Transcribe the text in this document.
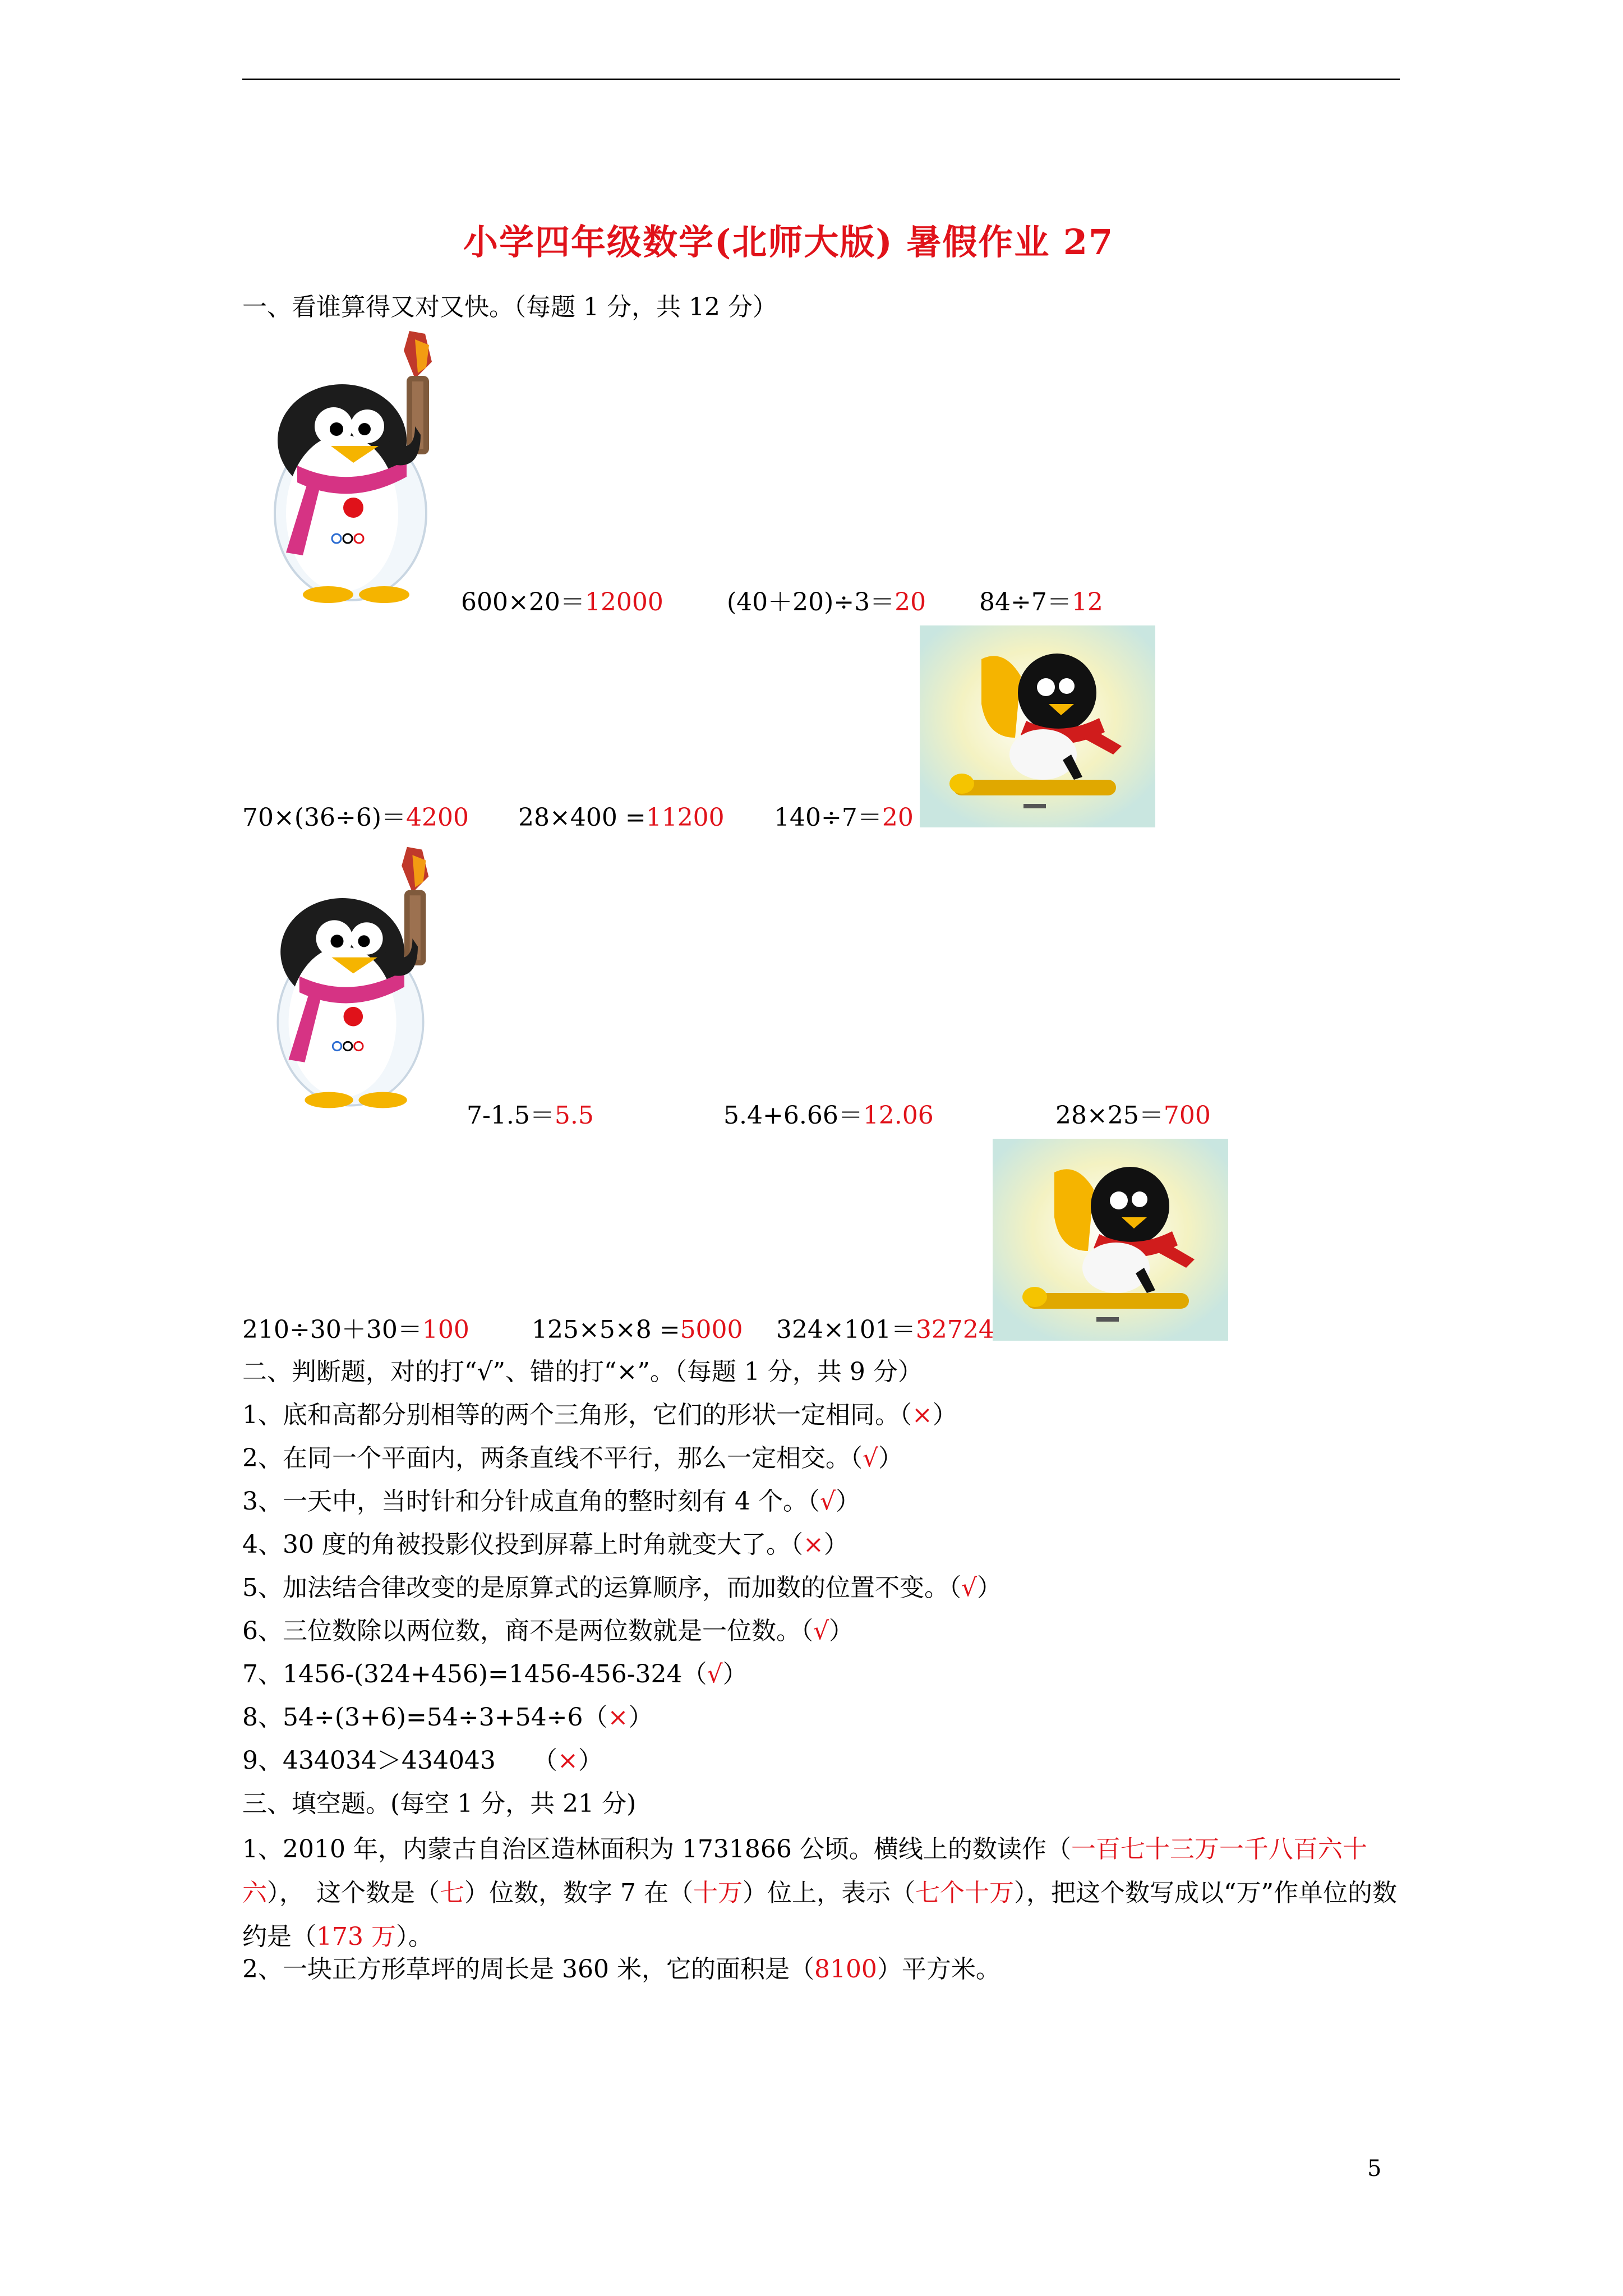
小学四年级数学(北师大版) 暑假作业 27
一、看谁算得又对又快。（每题 1 分，共 12 分）
600×20＝12000	(40＋20)÷3＝20 84÷7＝12
70×(36÷6)＝4200 28×400 =11200 140÷7＝20
7-1.5＝5.5	5.4+6.66＝12.06	28×25＝700
210÷30＋30＝100	125×5×8 =5000 324×101＝32724
二、判断题，对的打“√”、错的打“×”。（每题 1 分，共 9 分）
1、底和高都分别相等的两个三角形，它们的形状一定相同。（×）
2、在同一个平面内，两条直线不平行，那么一定相交。（√）
3、一天中，当时针和分针成直角的整时刻有 4 个。（√）
4、30 度的角被投影仪投到屏幕上时角就变大了。（×）
5、加法结合律改变的是原算式的运算顺序，而加数的位置不变。（√）
6、三位数除以两位数，商不是两位数就是一位数。（√）
7、1456-(324+456)=1456-456-324（√）
8、54÷(3+6)=54÷3+54÷6（×）
9、434034＞434043　　（×）
三、填空题。(每空 1 分，共 21 分)
1、2010 年，内蒙古自治区造林面积为 1731866 公顷。横线上的数读作（一百七十三万一千八百六十六），　这个数是（七）位数，数字 7 在（十万）位上，表示（七个十万），把这个数写成以“万”作单位的数约是（173 万）。
2、一块正方形草坪的周长是 360 米，它的面积是（8100）平方米。
5
